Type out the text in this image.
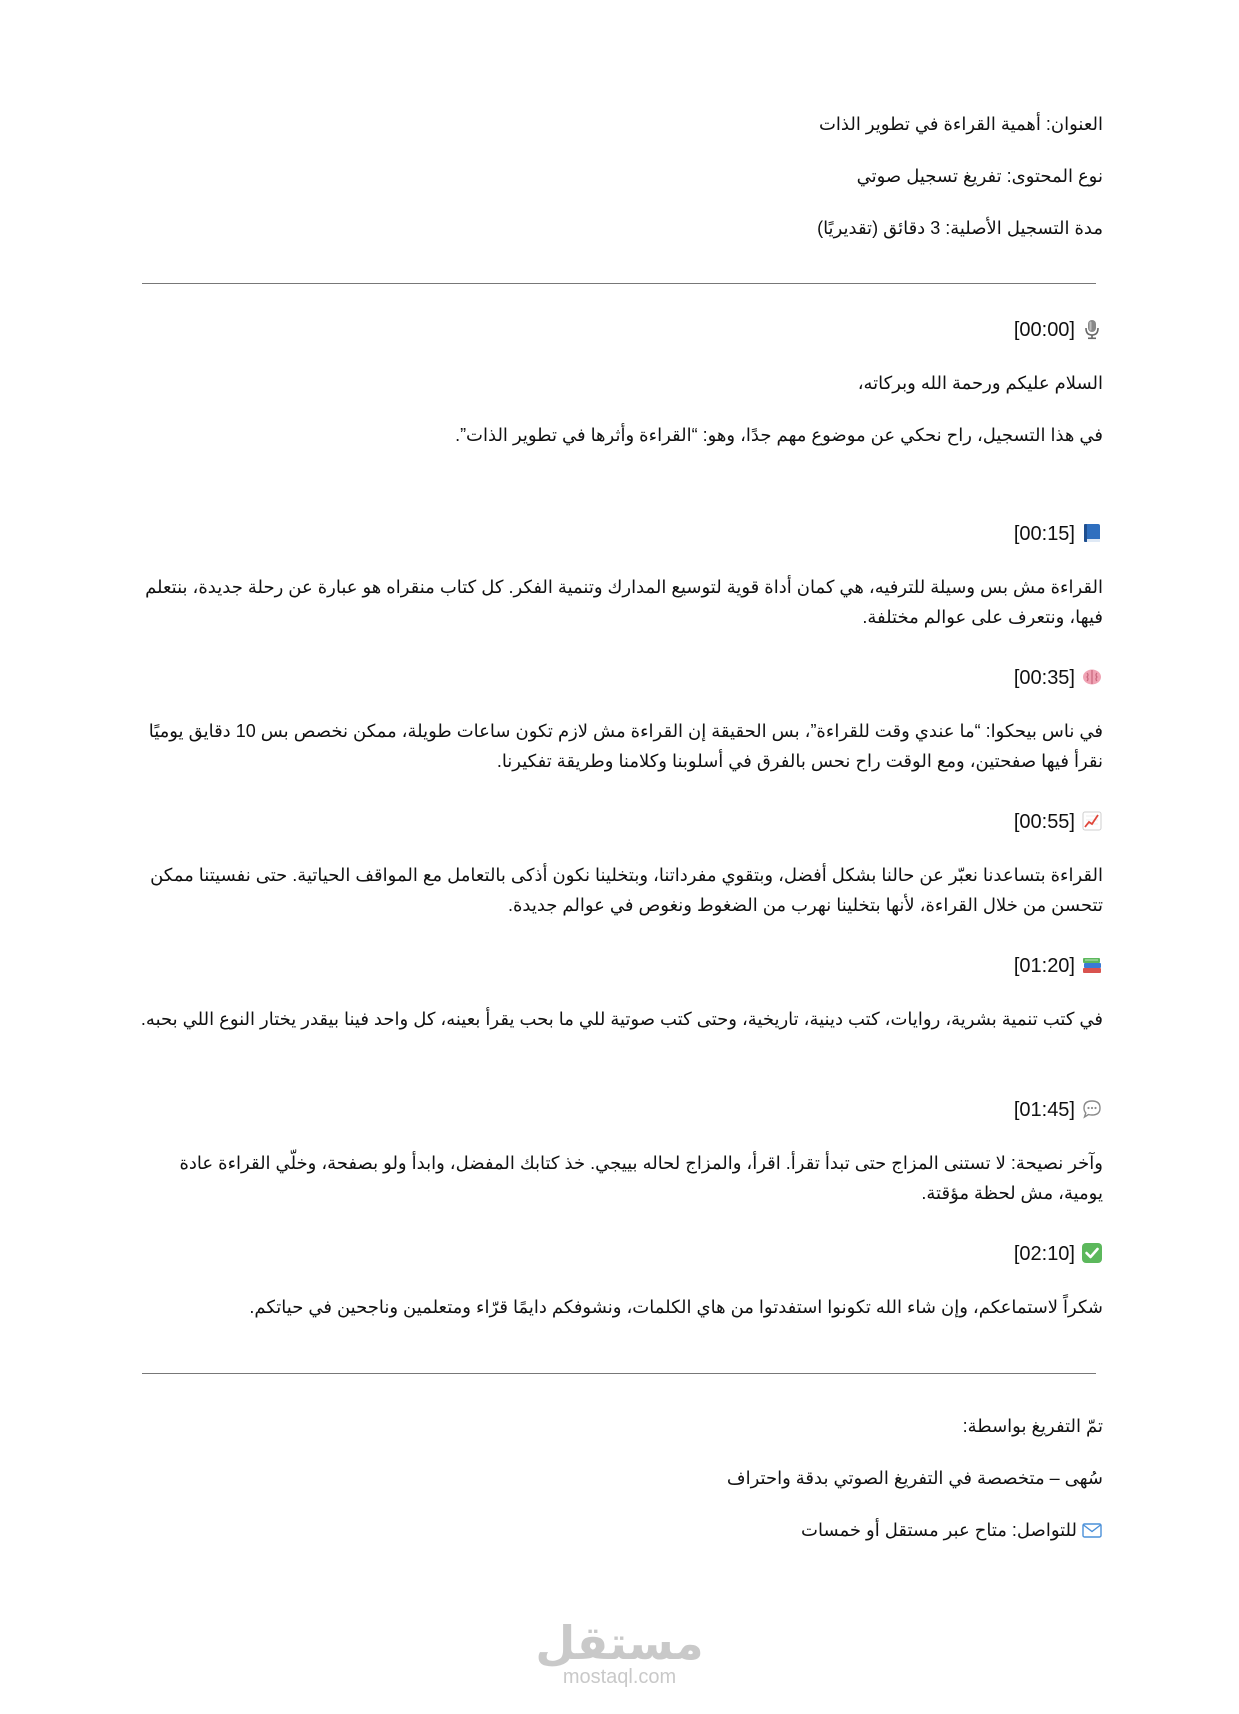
العنوان: أهمية القراءة في تطوير الذات

نوع المحتوى: تفريغ تسجيل صوتي

مدة التسجيل الأصلية: 3 دقائق (تقديريًا)

[00:00]

السلام عليكم ورحمة الله وبركاته،

في هذا التسجيل، راح نحكي عن موضوع مهم جدًا، وهو: “القراءة وأثرها في تطوير الذات”.

[00:15]

القراءة مش بس وسيلة للترفيه، هي كمان أداة قوية لتوسيع المدارك وتنمية الفكر. كل كتاب منقراه هو عبارة عن رحلة جديدة، بنتعلم فيها، ونتعرف على عوالم مختلفة.

[00:35]

في ناس بيحكوا: “ما عندي وقت للقراءة”، بس الحقيقة إن القراءة مش لازم تكون ساعات طويلة، ممكن نخصص بس 10 دقايق يوميًا نقرأ فيها صفحتين، ومع الوقت راح نحس بالفرق في أسلوبنا وكلامنا وطريقة تفكيرنا.

[00:55]

القراءة بتساعدنا نعبّر عن حالنا بشكل أفضل، وبتقوي مفرداتنا، وبتخلينا نكون أذكى بالتعامل مع المواقف الحياتية. حتى نفسيتنا ممكن تتحسن من خلال القراءة، لأنها بتخلينا نهرب من الضغوط ونغوص في عوالم جديدة.

[01:20]

في كتب تنمية بشرية، روايات، كتب دينية، تاريخية، وحتى كتب صوتية للي ما بحب يقرأ بعينه، كل واحد فينا بيقدر يختار النوع اللي بحبه.

[01:45]

وآخر نصيحة: لا تستنى المزاج حتى تبدأ تقرأ. اقرأ، والمزاج لحاله بييجي. خذ كتابك المفضل، وابدأ ولو بصفحة، وخلّي القراءة عادة يومية، مش لحظة مؤقتة.

[02:10]

شكراً لاستماعكم، وإن شاء الله تكونوا استفدتوا من هاي الكلمات، ونشوفكم دايمًا قرّاء ومتعلمين وناجحين في حياتكم.

تمّ التفريغ بواسطة:

سُهى – متخصصة في التفريغ الصوتي بدقة واحتراف

للتواصل: متاح عبر مستقل أو خمسات

مستقل
mostaql.com
